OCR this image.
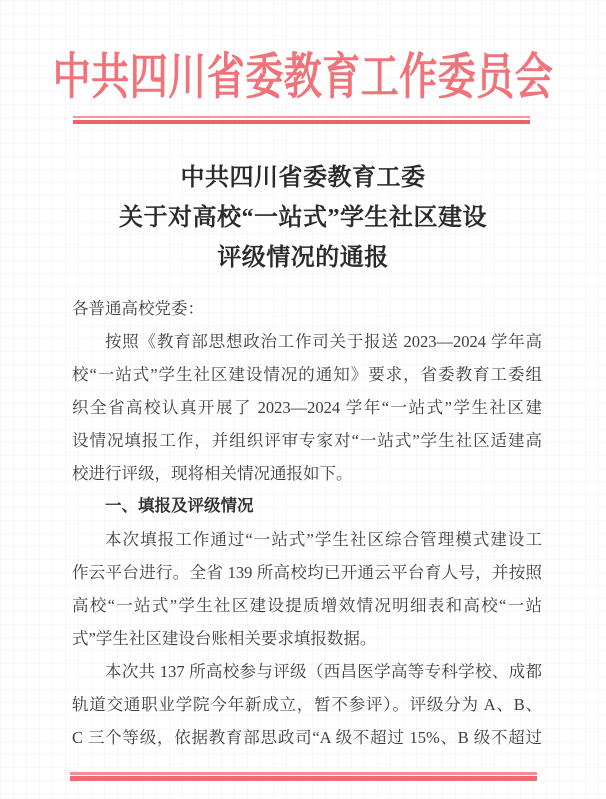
中共四川省委教育工作委员会
中共四川省委教育工委
关于对高校“一站式”学生社区建设
评级情况的通报
各普通高校党委：
按照《教育部思想政治工作司关于报送 2023—2024 学年高
校“一站式”学生社区建设情况的通知》要求，省委教育工委组
织全省高校认真开展了 2023—2024 学年“一站式”学生社区建
设情况填报工作，并组织评审专家对“一站式”学生社区适建高
校进行评级，现将相关情况通报如下。
一、填报及评级情况
本次填报工作通过“一站式”学生社区综合管理模式建设工
作云平台进行。全省 139 所高校均已开通云平台育人号，并按照
高校“一站式”学生社区建设提质增效情况明细表和高校“一站
式”学生社区建设台账相关要求填报数据。
本次共 137 所高校参与评级（西昌医学高等专科学校、成都
轨道交通职业学院今年新成立，暂不参评）。评级分为 A、B、
C 三个等级，依据教育部思政司“A 级不超过 15%、B 级不超过
